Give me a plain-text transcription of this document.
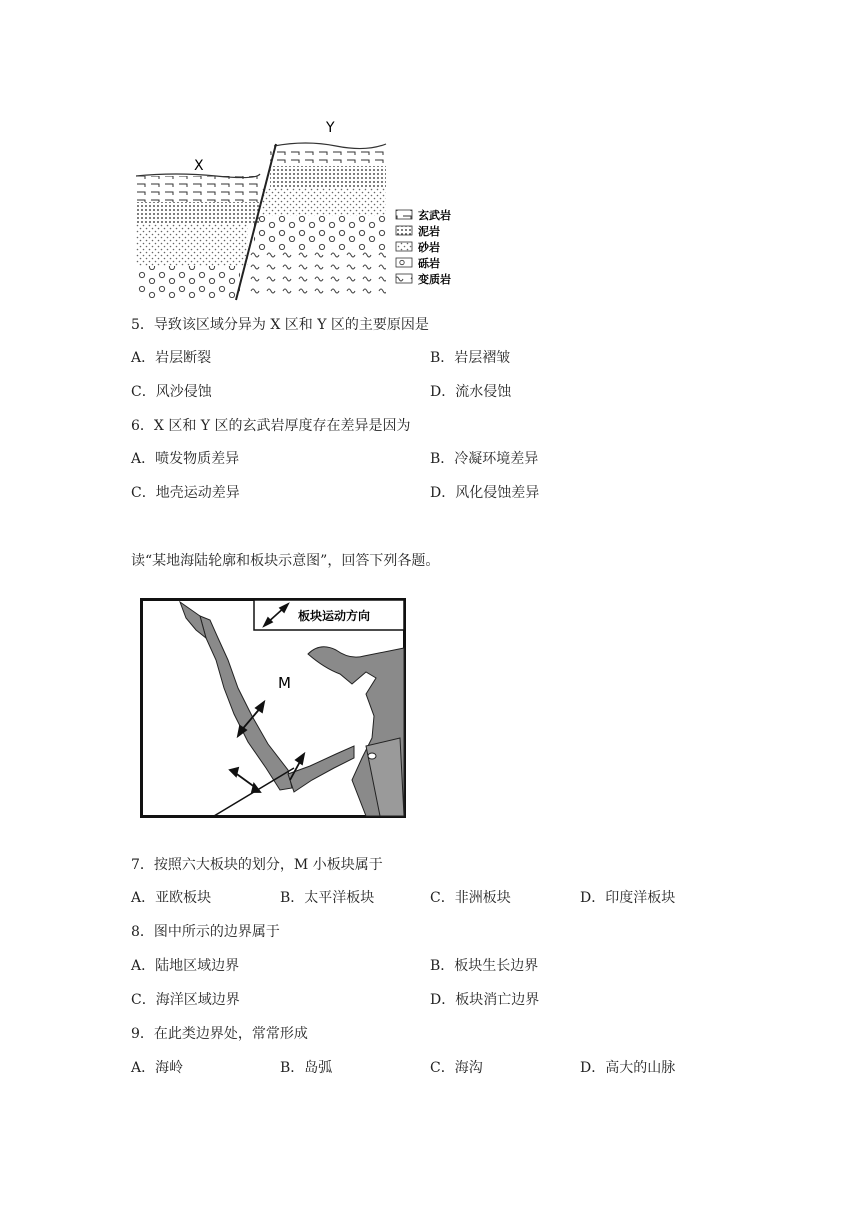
X
Y
玄武岩
泥岩
砂岩
砾岩
变质岩
5．导致该区域分异为 X 区和 Y 区的主要原因是
A．岩层断裂	B．岩层褶皱
C．风沙侵蚀	D．流水侵蚀
6．X 区和 Y 区的玄武岩厚度存在差异是因为
A．喷发物质差异	B．冷凝环境差异
C．地壳运动差异	D．风化侵蚀差异
读“某地海陆轮廓和板块示意图”，回答下列各题。
M
板块运动方向
7．按照六大板块的划分，M 小板块属于
A．亚欧板块	B．太平洋板块	C．非洲板块	D．印度洋板块
8．图中所示的边界属于
A．陆地区域边界	B．板块生长边界
C．海洋区域边界	D．板块消亡边界
9．在此类边界处，常常形成
A．海岭	B．岛弧	C．海沟	D．高大的山脉
